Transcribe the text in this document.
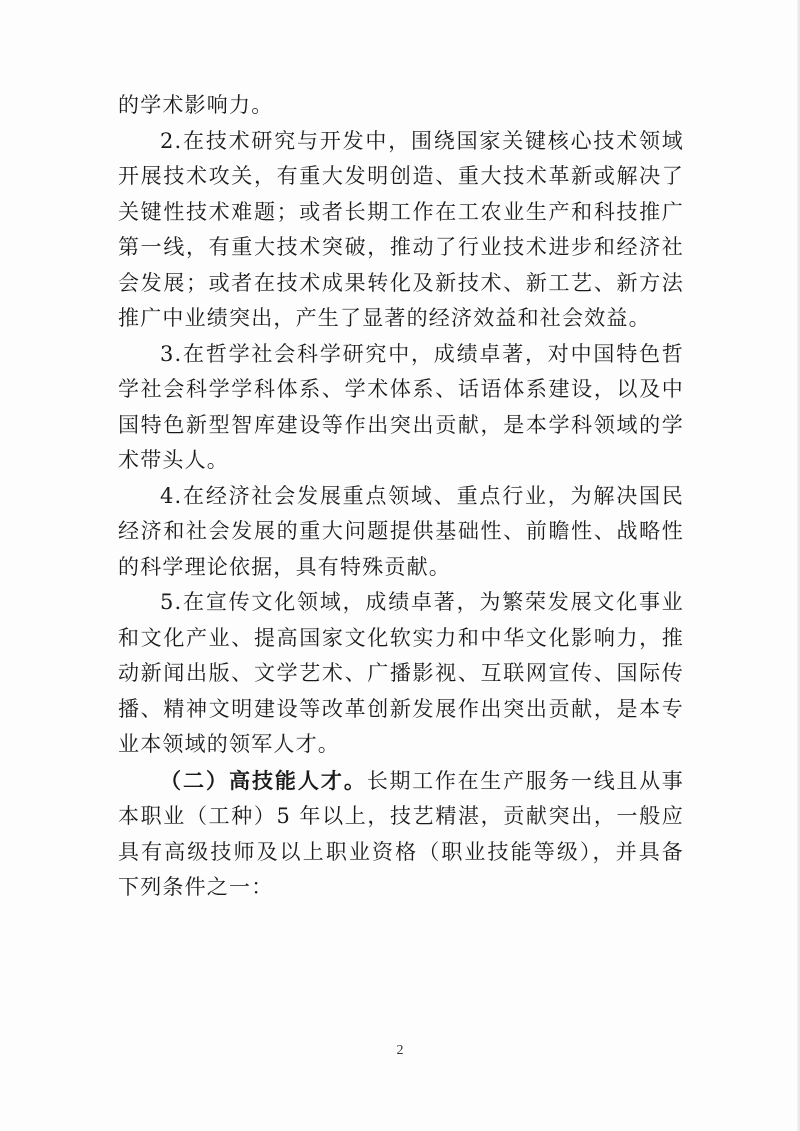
的学术影响力。

2.在技术研究与开发中，围绕国家关键核心技术领域开展技术攻关，有重大发明创造、重大技术革新或解决了关键性技术难题；或者长期工作在工农业生产和科技推广第一线，有重大技术突破，推动了行业技术进步和经济社会发展；或者在技术成果转化及新技术、新工艺、新方法推广中业绩突出，产生了显著的经济效益和社会效益。

3.在哲学社会科学研究中，成绩卓著，对中国特色哲学社会科学学科体系、学术体系、话语体系建设，以及中国特色新型智库建设等作出突出贡献，是本学科领域的学术带头人。

4.在经济社会发展重点领域、重点行业，为解决国民经济和社会发展的重大问题提供基础性、前瞻性、战略性的科学理论依据，具有特殊贡献。

5.在宣传文化领域，成绩卓著，为繁荣发展文化事业和文化产业、提高国家文化软实力和中华文化影响力，推动新闻出版、文学艺术、广播影视、互联网宣传、国际传播、精神文明建设等改革创新发展作出突出贡献，是本专业本领域的领军人才。

（二）高技能人才。长期工作在生产服务一线且从事本职业（工种）5 年以上，技艺精湛，贡献突出，一般应具有高级技师及以上职业资格（职业技能等级），并具备下列条件之一：

2
